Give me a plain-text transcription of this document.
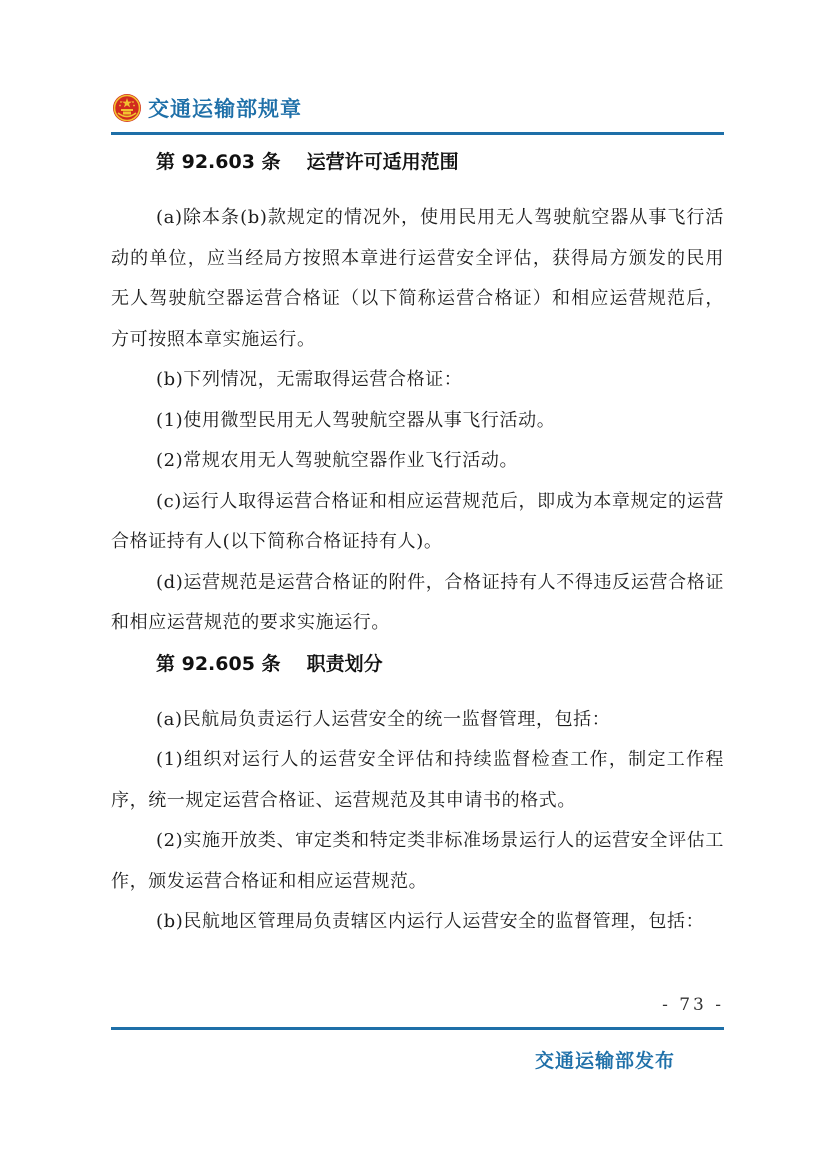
交通运输部规章
第 92.603 条 运营许可适用范围

(a)除本条(b)款规定的情况外，使用民用无人驾驶航空器从事飞行活动的单位，应当经局方按照本章进行运营安全评估，获得局方颁发的民用无人驾驶航空器运营合格证（以下简称运营合格证）和相应运营规范后，方可按照本章实施运行。

(b)下列情况，无需取得运营合格证：

(1)使用微型民用无人驾驶航空器从事飞行活动。

(2)常规农用无人驾驶航空器作业飞行活动。

(c)运行人取得运营合格证和相应运营规范后，即成为本章规定的运营合格证持有人(以下简称合格证持有人)。

(d)运营规范是运营合格证的附件，合格证持有人不得违反运营合格证和相应运营规范的要求实施运行。

第 92.605 条 职责划分

(a)民航局负责运行人运营安全的统一监督管理，包括：

(1)组织对运行人的运营安全评估和持续监督检查工作，制定工作程序，统一规定运营合格证、运营规范及其申请书的格式。

(2)实施开放类、审定类和特定类非标准场景运行人的运营安全评估工作，颁发运营合格证和相应运营规范。

(b)民航地区管理局负责辖区内运行人运营安全的监督管理，包括：

- 73 -
交通运输部发布
